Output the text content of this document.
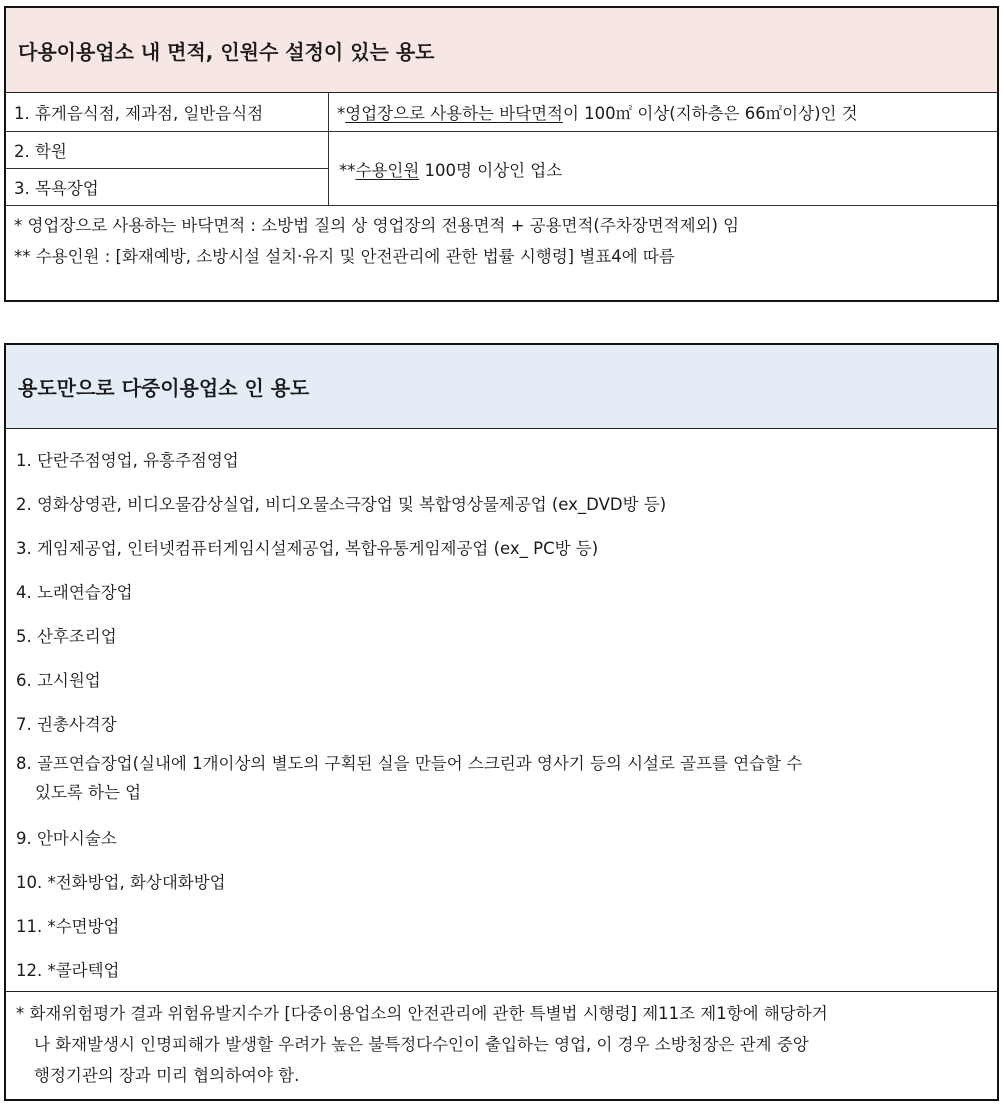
다용이용업소 내 면적, 인원수 설정이 있는 용도
1. 휴게음식점, 제과점, 일반음식점	*영업장으로 사용하는 바닥면적이 100㎡ 이상(지하층은 66㎡이상)인 것
2. 학원	**수용인원 100명 이상인 업소
3. 목욕장업	
* 영업장으로 사용하는 바닥면적 : 소방법 질의 상 영업장의 전용면적 + 공용면적(주차장면적제외) 임
** 수용인원 : [화재예방, 소방시설 설치·유지 및 안전관리에 관한 법률 시행령] 별표4에 따름
용도만으로 다중이용업소 인 용도
1. 단란주점영업, 유흥주점영업
2. 영화상영관, 비디오물감상실업, 비디오물소극장업 및 복합영상물제공업 (ex_DVD방 등)
3. 게임제공업, 인터넷컴퓨터게임시설제공업, 복합유통게임제공업 (ex_ PC방 등)
4. 노래연습장업
5. 산후조리업
6. 고시원업
7. 권총사격장
8. 골프연습장업(실내에 1개이상의 별도의 구획된 실을 만들어 스크린과 영사기 등의 시설로 골프를 연습할 수
있도록 하는 업
9. 안마시술소
10. *전화방업, 화상대화방업
11. *수면방업
12. *콜라텍업
* 화재위험평가 결과 위험유발지수가 [다중이용업소의 안전관리에 관한 특별법 시행령] 제11조 제1항에 해당하거
나 화재발생시 인명피해가 발생할 우려가 높은 불특정다수인이 출입하는 영업, 이 경우 소방청장은 관계 중앙
행정기관의 장과 미리 협의하여야 함.
